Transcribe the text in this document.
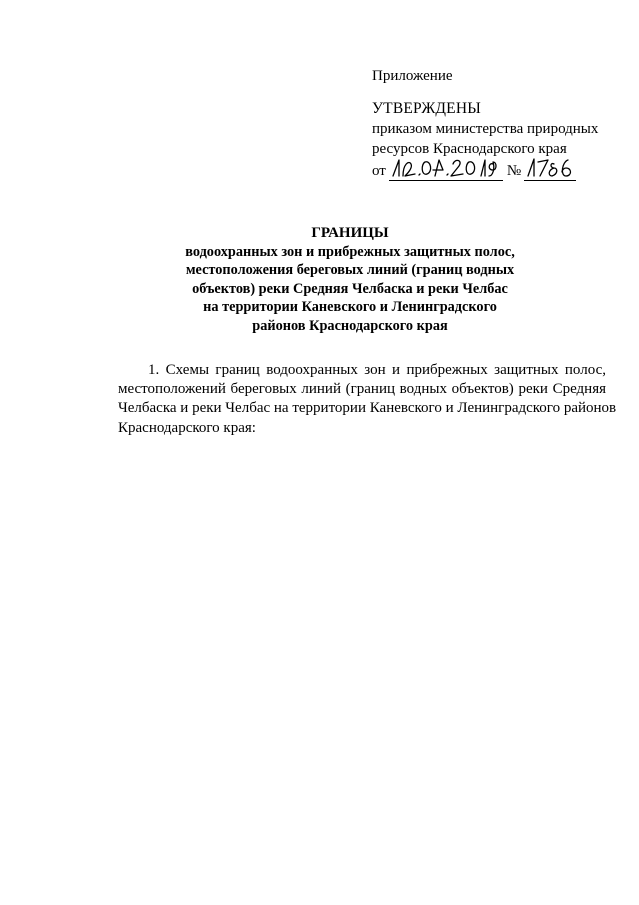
Приложение
УТВЕРЖДЕНЫ
приказом министерства природных
ресурсов Краснодарского края
от	№
ГРАНИЦЫ
водоохранных зон и прибрежных защитных полос,
местоположения береговых линий (границ водных
объектов) реки Средняя Челбаска и реки Челбас
на территории Каневского и Ленинградского
районов Краснодарского края
1. Схемы границ водоохранных зон и прибрежных защитных полос,
местоположений береговых линий (границ водных объектов) реки Средняя
Челбаска и реки Челбас на территории Каневского и Ленинградского районов
Краснодарского края:
